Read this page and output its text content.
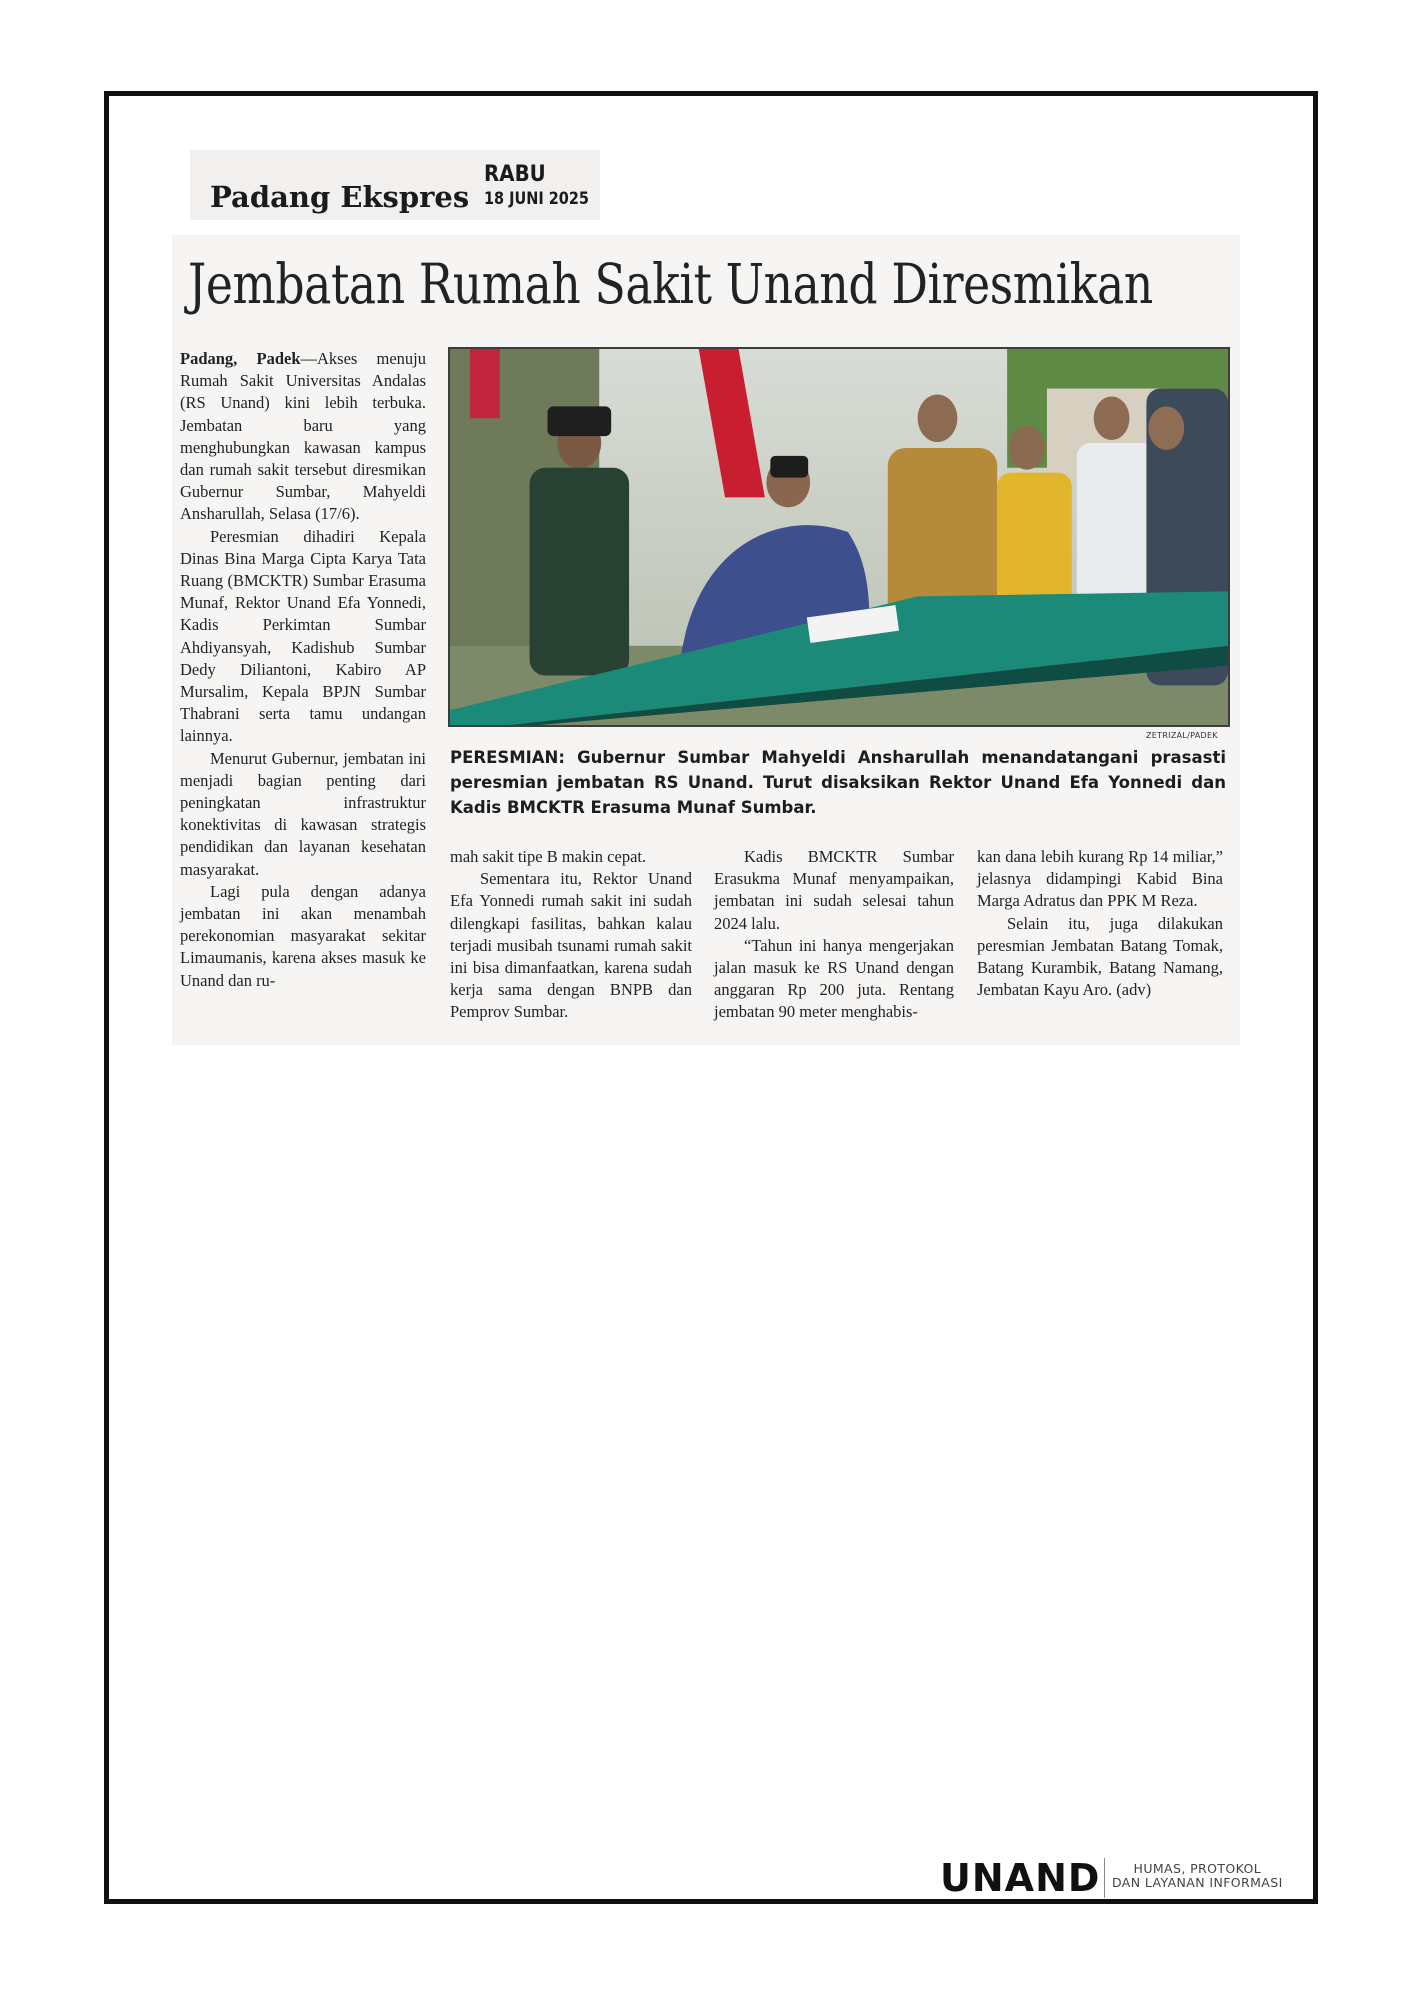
Padang Ekspres
RABU
18 JUNI 2025
Jembatan Rumah Sakit Unand Diresmikan

Padang, Padek—Akses menuju Rumah Sakit Universitas Andalas (RS Unand) kini lebih terbuka. Jembatan baru yang menghubungkan kawasan kampus dan rumah sakit tersebut diresmikan Gubernur Sumbar, Mahyeldi Ansharullah, Selasa (17/6).

Peresmian dihadiri Kepala Dinas Bina Marga Cipta Karya Tata Ruang (BMCKTR) Sumbar Erasuma Munaf, Rektor Unand Efa Yonnedi, Kadis Perkimtan Sumbar Ahdiyansyah, Kadishub Sumbar Dedy Diliantoni, Kabiro AP Mursalim, Kepala BPJN Sumbar Thabrani serta tamu undangan lainnya.

Menurut Gubernur, jembatan ini menjadi bagian penting dari peningkatan infrastruktur konektivitas di kawasan strategis pendidikan dan layanan kesehatan masyarakat.

Lagi pula dengan adanya jembatan ini akan menambah perekonomian masyarakat sekitar Limaumanis, karena akses masuk ke Unand dan ru-

ZETRIZAL/PADEK
PERESMIAN: Gubernur Sumbar Mahyeldi Ansharullah menandatangani prasasti peresmian jembatan RS Unand. Turut disaksikan Rektor Unand Efa Yonnedi dan Kadis BMCKTR Erasuma Munaf Sumbar.

mah sakit tipe B makin cepat.

Sementara itu, Rektor Unand Efa Yonnedi rumah sakit ini sudah dilengkapi fasilitas, bahkan kalau terjadi musibah tsunami rumah sakit ini bisa dimanfaatkan, karena sudah kerja sama dengan BNPB dan Pemprov Sumbar.

Kadis BMCKTR Sumbar Erasukma Munaf menyampaikan, jembatan ini sudah selesai tahun 2024 lalu.

“Tahun ini hanya mengerjakan jalan masuk ke RS Unand dengan anggaran Rp 200 juta. Rentang jembatan 90 meter menghabis-

kan dana lebih kurang Rp 14 miliar,” jelasnya didampingi Kabid Bina Marga Adratus dan PPK M Reza.

Selain itu, juga dilakukan peresmian Jembatan Batang Tomak, Batang Kurambik, Batang Namang, Jembatan Kayu Aro. (adv)

UNAND	HUMAS, PROTOKOL
DAN LAYANAN INFORMASI
